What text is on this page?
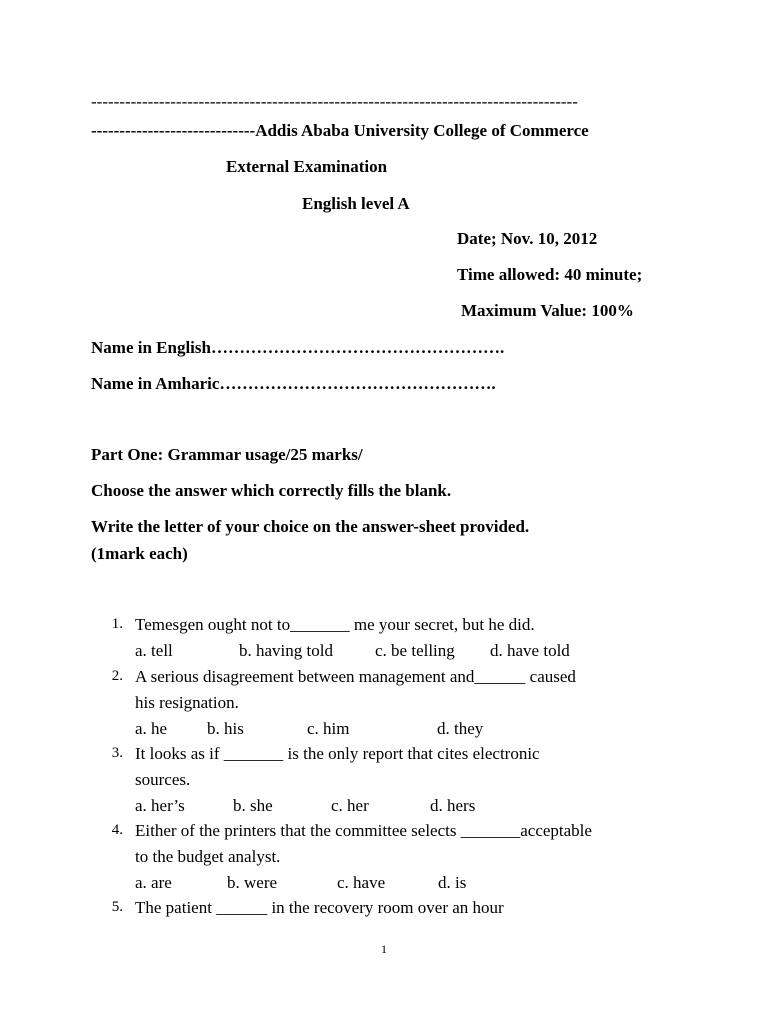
--------------------------------------------------------------------------------------
-----------------------------Addis Ababa University College of Commerce
External Examination
English level A
Date; Nov. 10, 2012
Time allowed: 40 minute;
Maximum Value: 100%
Name in English…………………………………………….
Name in Amharic………………………………………….
Part One: Grammar usage/25 marks/
Choose the answer which correctly fills the blank.
Write the letter of your choice on the answer-sheet provided.
(1mark each)
1. Temesgen ought not to_______ me your secret, but he did.
a. tell	b. having told c. be telling d. have told
2. A serious disagreement between management and______ caused
his resignation.
a. he b. his	c. him	d. they
3. It looks as if _______ is the only report that cites electronic
sources.
a. her’s	b. she	c. her	d. hers
4. Either of the printers that the committee selects _______acceptable
to the budget analyst.
a. are	b. were	c. have	d. is
5. The patient ______ in the recovery room over an hour
1
